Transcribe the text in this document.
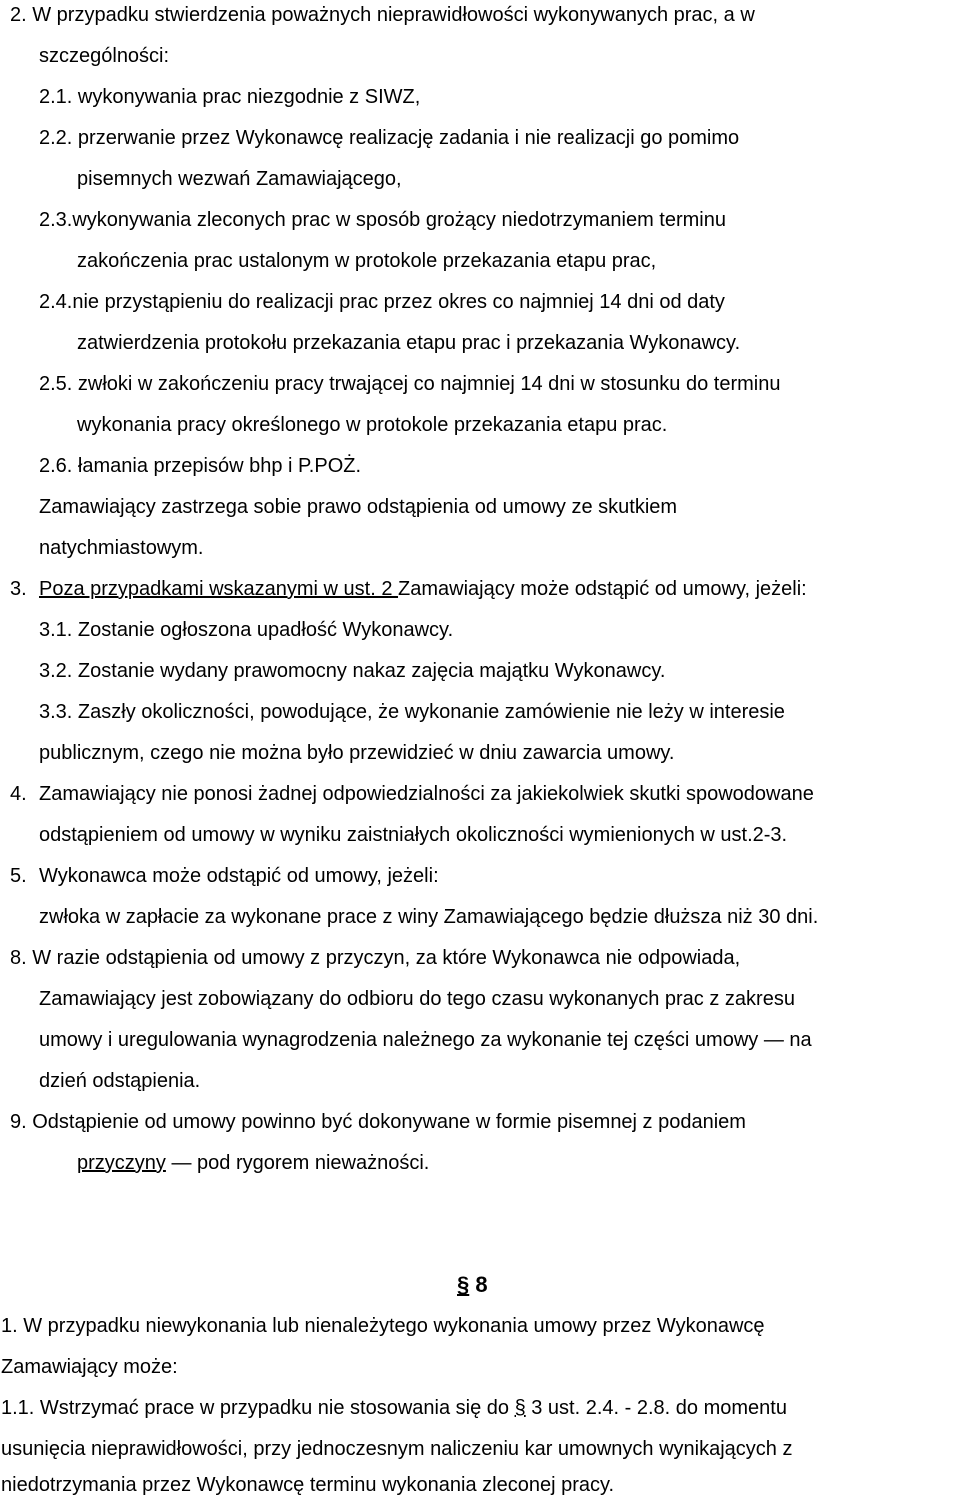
2. W przypadku stwierdzenia poważnych nieprawidłowości wykonywanych prac, a w
szczególności:
2.1. wykonywania prac niezgodnie z SIWZ,
2.2. przerwanie przez Wykonawcę realizację zadania i nie realizacji go pomimo
pisemnych wezwań Zamawiającego,
2.3.wykonywania zleconych prac w sposób grożący niedotrzymaniem terminu
zakończenia prac ustalonym w protokole przekazania etapu prac,
2.4.nie przystąpieniu do realizacji prac przez okres co najmniej 14 dni od daty
zatwierdzenia protokołu przekazania etapu prac i przekazania Wykonawcy.
2.5. zwłoki w zakończeniu pracy trwającej co najmniej 14 dni w stosunku do terminu
wykonania pracy określonego w protokole przekazania etapu prac.
2.6. łamania przepisów bhp i P.POŻ.
Zamawiający zastrzega sobie prawo odstąpienia od umowy ze skutkiem
natychmiastowym.
3. Poza przypadkami wskazanymi w ust. 2 Zamawiający może odstąpić od umowy, jeżeli:
3.1. Zostanie ogłoszona upadłość Wykonawcy.
3.2. Zostanie wydany prawomocny nakaz zajęcia majątku Wykonawcy.
3.3. Zaszły okoliczności, powodujące, że wykonanie zamówienie nie leży w interesie
publicznym, czego nie można było przewidzieć w dniu zawarcia umowy.
4. Zamawiający nie ponosi żadnej odpowiedzialności za jakiekolwiek skutki spowodowane
odstąpieniem od umowy w wyniku zaistniałych okoliczności wymienionych w ust.2-3.
5. Wykonawca może odstąpić od umowy, jeżeli:
zwłoka w zapłacie za wykonane prace z winy Zamawiającego będzie dłuższa niż 30 dni.
8. W razie odstąpienia od umowy z przyczyn, za które Wykonawca nie odpowiada,
Zamawiający jest zobowiązany do odbioru do tego czasu wykonanych prac z zakresu
umowy i uregulowania wynagrodzenia należnego za wykonanie tej części umowy — na
dzień odstąpienia.
9. Odstąpienie od umowy powinno być dokonywane w formie pisemnej z podaniem
przyczyny — pod rygorem nieważności.
§ 8
1. W przypadku niewykonania lub nienależytego wykonania umowy przez Wykonawcę
Zamawiający może:
1.1. Wstrzymać prace w przypadku nie stosowania się do § 3 ust. 2.4. - 2.8. do momentu
usunięcia nieprawidłowości, przy jednoczesnym naliczeniu kar umownych wynikających z
niedotrzymania przez Wykonawcę terminu wykonania zleconej pracy.
